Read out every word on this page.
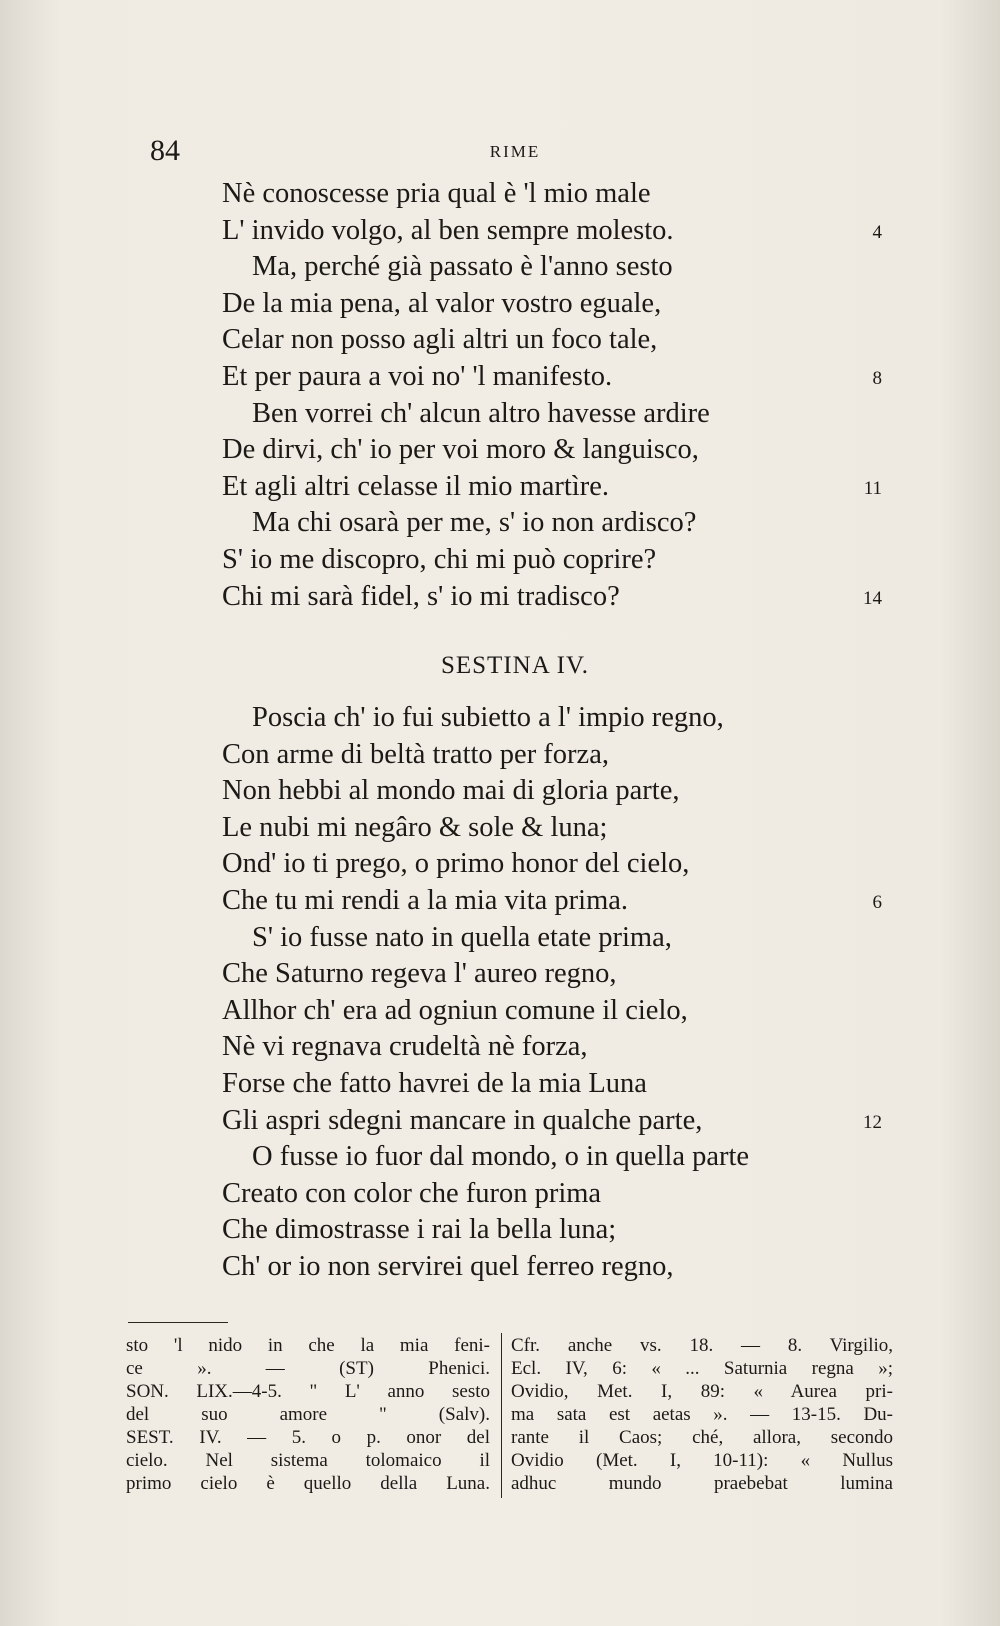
84	RIME
Nè conoscesse pria qual è 'l mio male
L' invido volgo, al ben sempre molesto.	4
Ma, perché già passato è l'anno sesto
De la mia pena, al valor vostro eguale,
Celar non posso agli altri un foco tale,
Et per paura a voi no' 'l manifesto.	8
Ben vorrei ch' alcun altro havesse ardire
De dirvi, ch' io per voi moro & languisco,
Et agli altri celasse il mio martìre.	11
Ma chi osarà per me, s' io non ardisco?
S' io me discopro, chi mi può coprire?
Chi mi sarà fidel, s' io mi tradisco?	14
SESTINA IV.
Poscia ch' io fui subietto a l' impio regno,
Con arme di beltà tratto per forza,
Non hebbi al mondo mai di gloria parte,
Le nubi mi negâro & sole & luna;
Ond' io ti prego, o primo honor del cielo,
Che tu mi rendi a la mia vita prima.	6
S' io fusse nato in quella etate prima,
Che Saturno regeva l' aureo regno,
Allhor ch' era ad ogniun comune il cielo,
Nè vi regnava crudeltà nè forza,
Forse che fatto havrei de la mia Luna
Gli aspri sdegni mancare in qualche parte,	12
O fusse io fuor dal mondo, o in quella parte
Creato con color che furon prima
Che dimostrasse i rai la bella luna;
Ch' or io non servirei quel ferreo regno,
sto 'l nido in che la mia feni-
ce ». — (ST) Phenici.
SON. LIX.—4-5. " L' anno sesto
del suo amore " (Salv).
SEST. IV. — 5. o p. onor del
cielo. Nel sistema tolomaico il
primo cielo è quello della Luna.
Cfr. anche vs. 18. — 8. Virgilio,
Ecl. IV, 6: « ... Saturnia regna »;
Ovidio, Met. I, 89: « Aurea pri-
ma sata est aetas ». — 13-15. Du-
rante il Caos; ché, allora, secondo
Ovidio (Met. I, 10-11): « Nullus
adhuc mundo praebebat lumina
